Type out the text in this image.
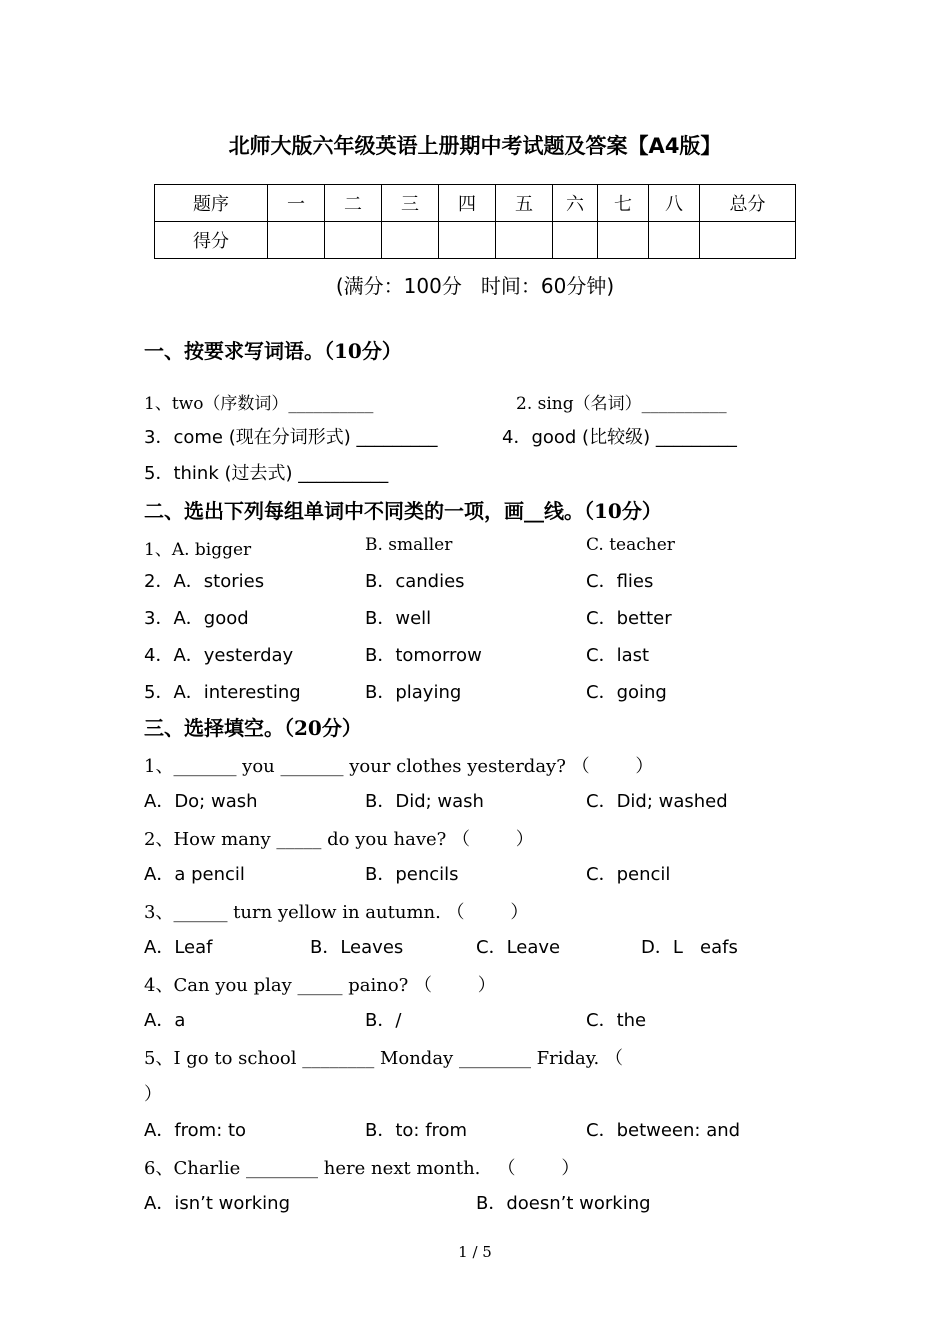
北师大版六年级英语上册期中考试题及答案【A4版】
题序	一	二	三	四	五	六	七	八	总分
得分									
(满分：100分   时间：60分钟)
一、按要求写词语。（10分）
1、two（序数词）__________	2. sing（名词）__________
3．come (现在分词形式) _________	4．good (比较级) _________
5．think (过去式) __________
二、选出下列每组单词中不同类的一项，画__线。（10分）
1、A. bigger	B. smaller	C. teacher
2．A．stories	B．candies	C．flies
3．A．good	B．well	C．better
4．A．yesterday	B．tomorrow	C．last
5．A．interesting	B．playing	C．going
三、选择填空。（20分）
1、_______ you _______ your clothes yesterday? （        ）
A．Do; wash	B．Did; wash	C．Did; washed
2、How many _____ do you have? （        ）
A．a pencil	B．pencils	C．pencil
3、______ turn yellow in autumn. （        ）
A．Leaf	B．Leaves	C．Leave	D．L   eafs
4、Can you play _____ paino? （        ）
A．a	B．/	C．the
5、I go to school ________ Monday ________ Friday. （
）
A．from: to	B．to: from	C．between: and
6、Charlie ________ here next month.   （        ）
A．isn’t working	B．doesn’t working
1 / 5
